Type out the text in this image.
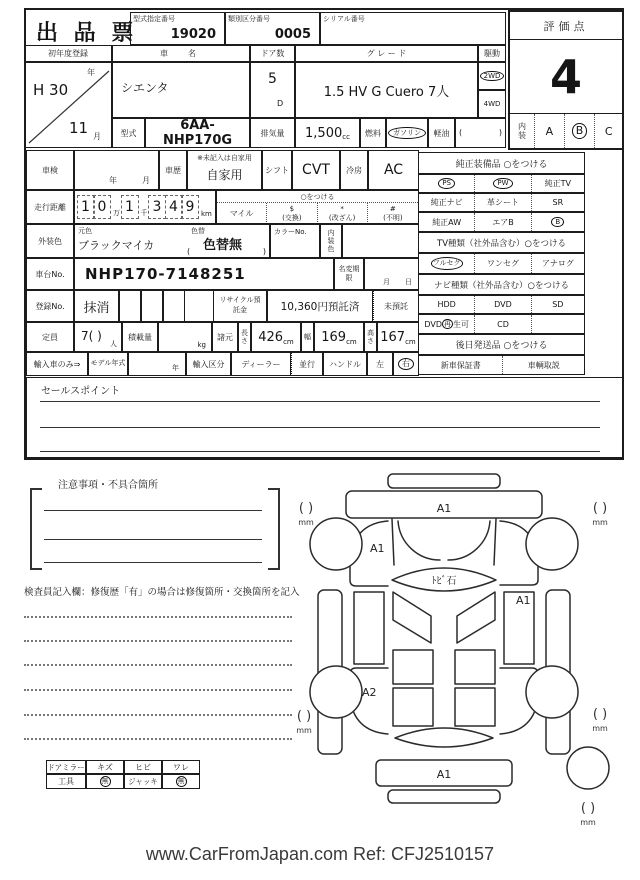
出 品 票
型式指定番号
19020
類別区分番号
0005
シリアル番号
評価点
4
内装	A	B	C
初年度登録
年
H 30
11 月
車　名
シエンタ
ドア数
5
D
グ レ ー ド
1.5 HV G Cuero 7人
駆動
2WD
4WD
型式	6AA-NHP170G	排気量	1,500 cc	燃料	ガソリン	軽油	(	)
車検
年	月
車歴
※未記入は自家用
自家用	シフト CVT	冷房	AC
走行距離	1 0 万 1 千 3 4 9 km
○をつける
マイル
$
(交換)
*
(改ざん)
#
(不明)
外装色
元色
ブラックマイカ
色替
色替無
(	)
カラーNo.	内装色
車台No.	NHP170-7148251	名変期限	月 日
登録No.	抹消
リサイクル預託金	10,360円預託済	未預託
定員	7( )
人
積載量
kg
諸元	長さ 426 cm
幅 169 cm	高さ 167 cm
輸入車のみ⇒	モデル年式
年	輸入区分	ディーラー	並行	ハンドル	左	右
純正装備品 ○をつける
PS	PW	純正TV
純正ナビ	革シート	SR
純正AW	エアB	B
TV種類（社外品含む）○をつける
フルセグ	ワンセグ	アナログ
ナビ種類（社外品含む）○をつける
HDD	DVD	SD
DVD 再 生可	CD
後日発送品 ○をつける
新車保証書	車輌取説
セールスポイント
注意事項・不具合箇所
検査員記入欄：修復歴「有」の場合は修復箇所・交換箇所を記入
ドアミラー	キズ	ヒビ	ワレ
工具	無	ジャッキ	無
A1
A1
ﾄﾋﾞ石
A1
A2
A1
( )
mm
( )
mm
( )
mm
( )
mm
( )
mm
www.CarFromJapan.com Ref: CFJ2510157
